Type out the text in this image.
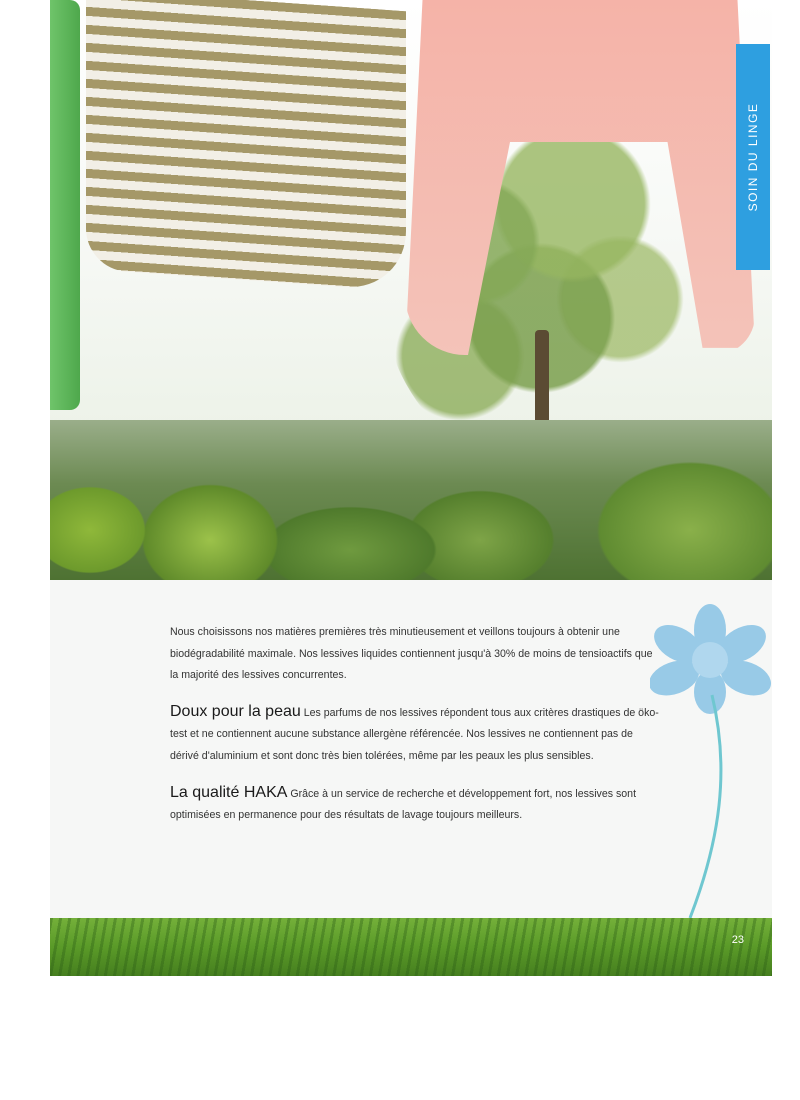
SOIN DU LINGE

Nous choisissons nos matières premières très minutieusement et veillons toujours à obtenir une biodégradabilité maximale. Nos lessives liquides contiennent jusqu'à 30% de moins de tensioactifs que la majorité des lessives concurrentes.

Doux pour la peau Les parfums de nos lessives répondent tous aux critères drastiques de öko-test et ne contiennent aucune substance allergène référencée. Nos lessives ne contiennent pas de dérivé d'aluminium et sont donc très bien tolérées, même par les peaux les plus sensibles.

La qualité HAKA Grâce à un service de recherche et développement fort, nos lessives sont optimisées en permanence pour des résultats de lavage toujours meilleurs.

23
